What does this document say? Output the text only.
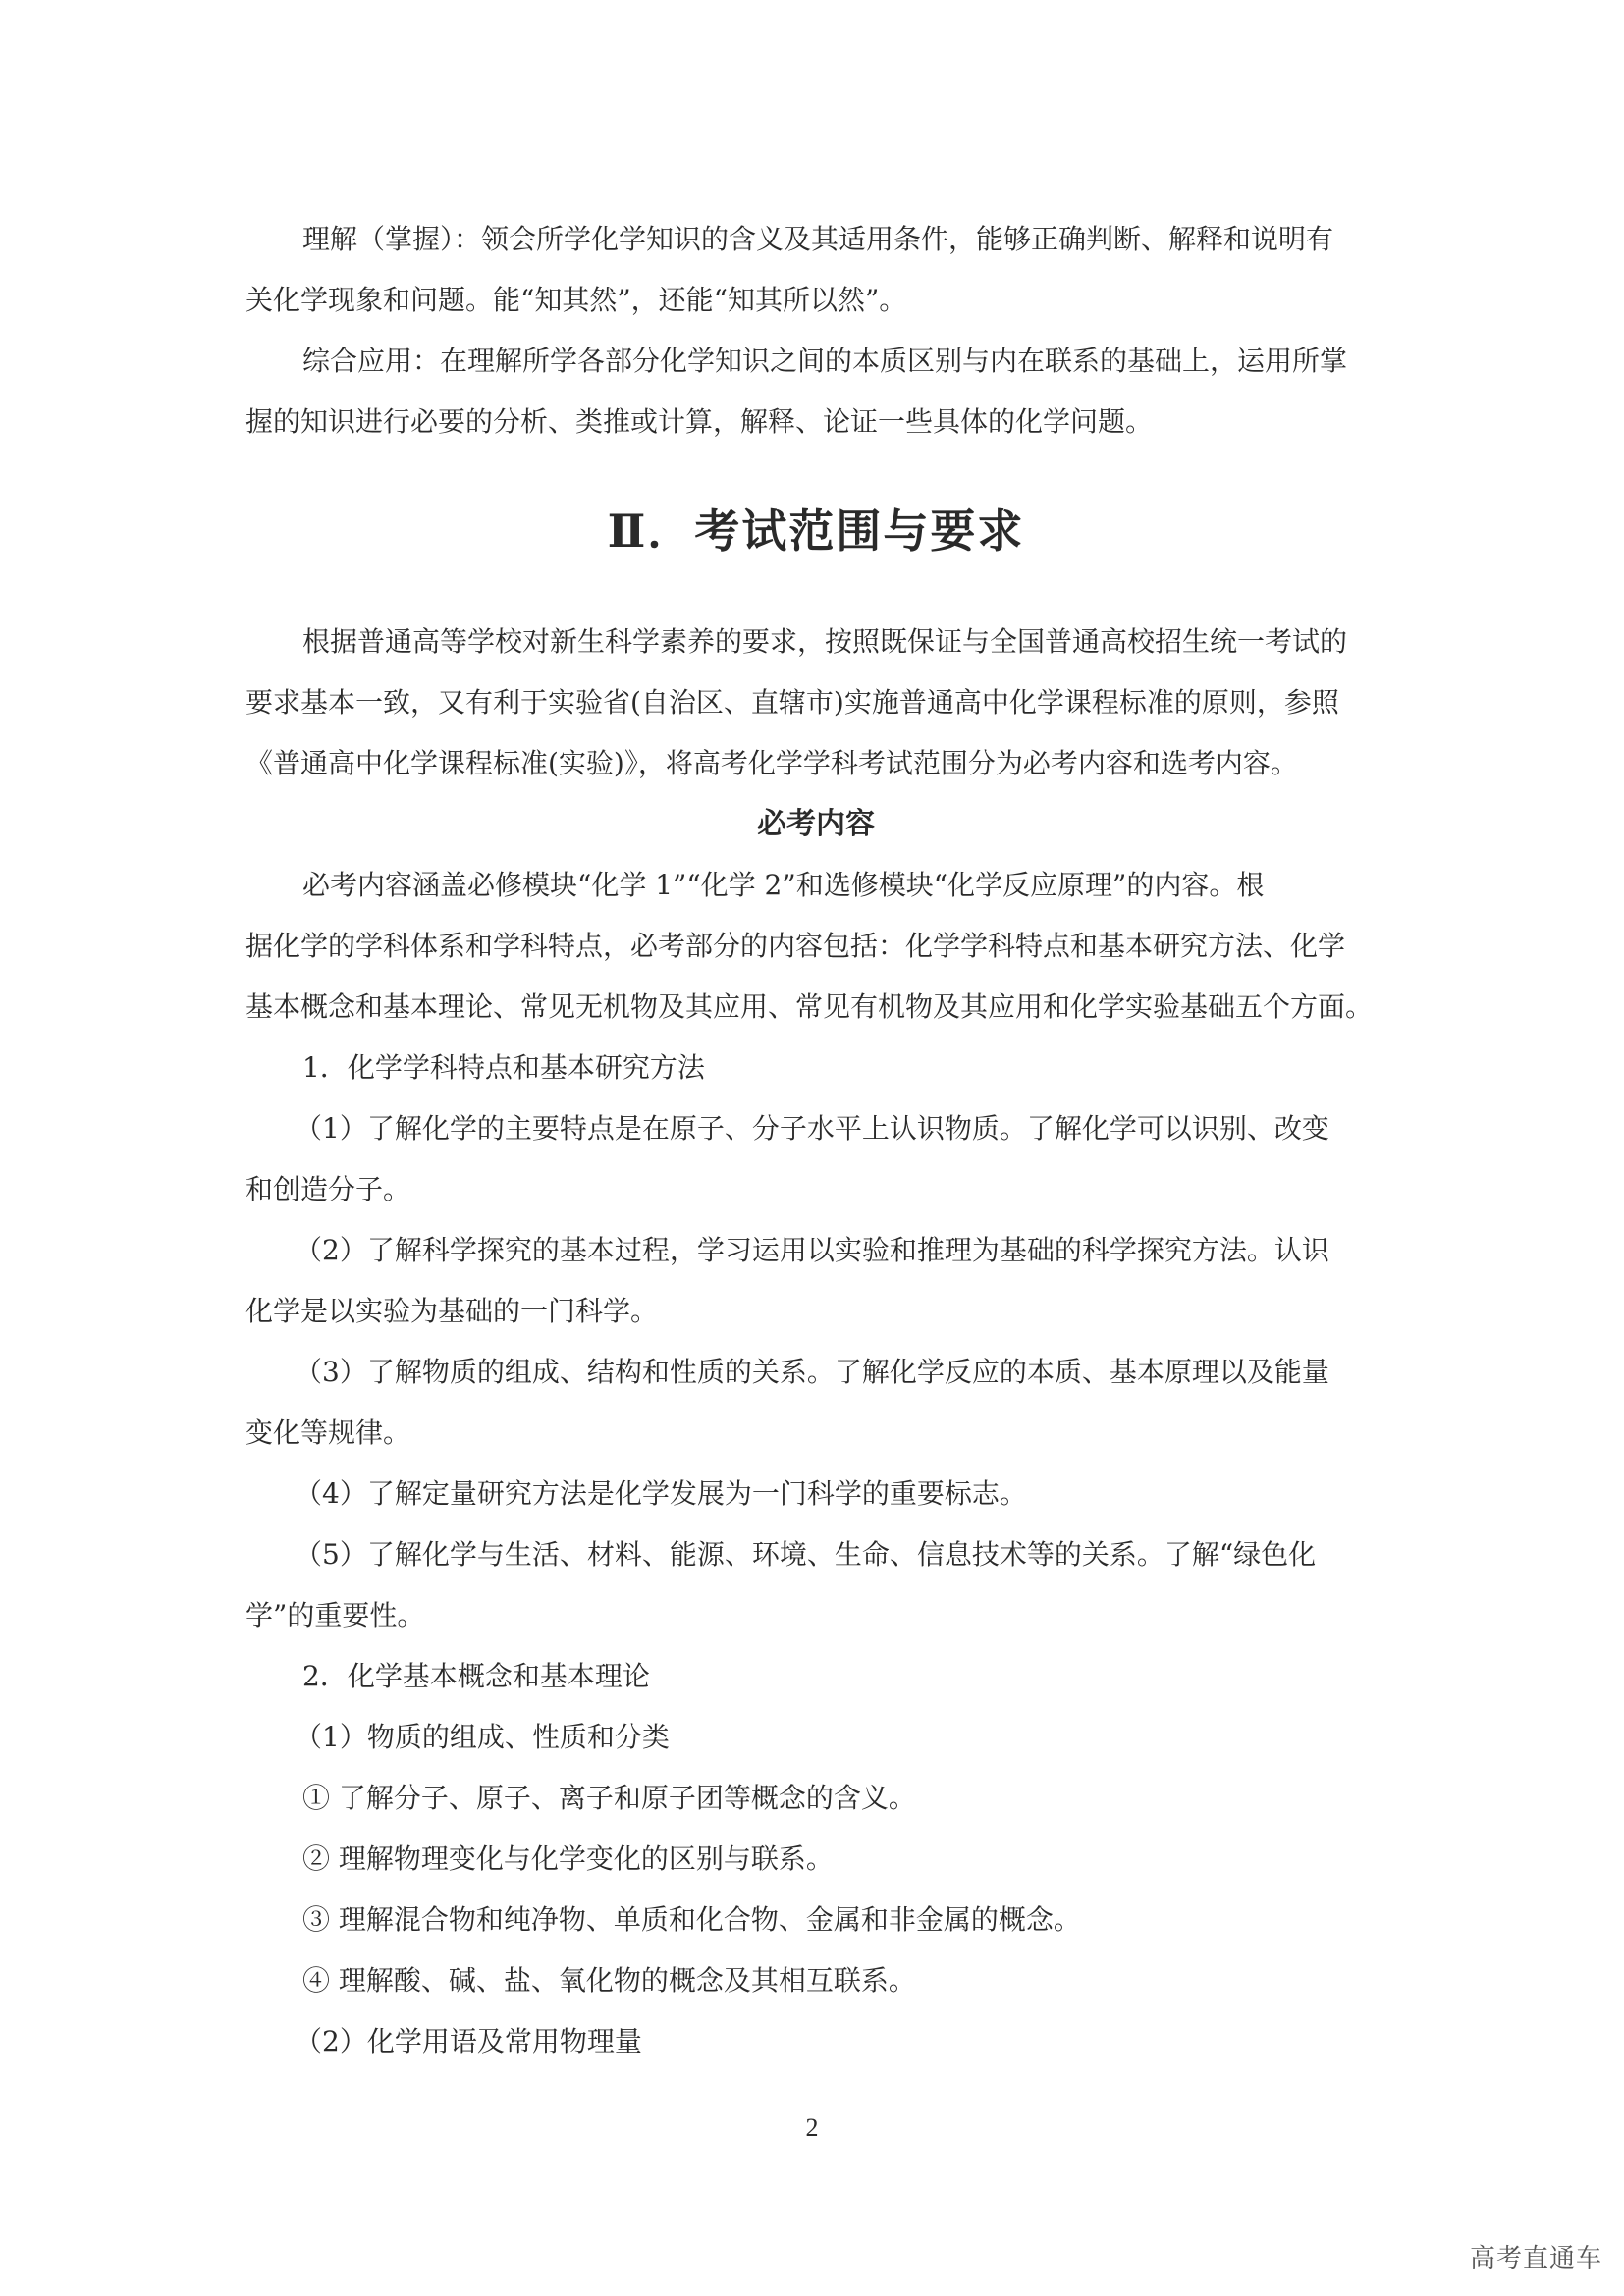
理解（掌握）：领会所学化学知识的含义及其适用条件，能够正确判断、解释和说明有
关化学现象和问题。能“知其然”，还能“知其所以然”。

综合应用：在理解所学各部分化学知识之间的本质区别与内在联系的基础上，运用所掌
握的知识进行必要的分析、类推或计算，解释、论证一些具体的化学问题。

Ⅱ．考试范围与要求

根据普通高等学校对新生科学素养的要求，按照既保证与全国普通高校招生统一考试的
要求基本一致，又有利于实验省(自治区、直辖市)实施普通高中化学课程标准的原则，参照
《普通高中化学课程标准(实验)》，将高考化学学科考试范围分为必考内容和选考内容。

必考内容

必考内容涵盖必修模块“化学 1”“化学 2”和选修模块“化学反应原理”的内容。根
据化学的学科体系和学科特点，必考部分的内容包括：化学学科特点和基本研究方法、化学
基本概念和基本理论、常见无机物及其应用、常见有机物及其应用和化学实验基础五个方面。

1．化学学科特点和基本研究方法

（1）了解化学的主要特点是在原子、分子水平上认识物质。了解化学可以识别、改变
和创造分子。

（2）了解科学探究的基本过程，学习运用以实验和推理为基础的科学探究方法。认识
化学是以实验为基础的一门科学。

（3）了解物质的组成、结构和性质的关系。了解化学反应的本质、基本原理以及能量
变化等规律。

（4）了解定量研究方法是化学发展为一门科学的重要标志。

（5）了解化学与生活、材料、能源、环境、生命、信息技术等的关系。了解“绿色化
学”的重要性。

2．化学基本概念和基本理论

（1）物质的组成、性质和分类

① 了解分子、原子、离子和原子团等概念的含义。

② 理解物理变化与化学变化的区别与联系。

③ 理解混合物和纯净物、单质和化合物、金属和非金属的概念。

④ 理解酸、碱、盐、氧化物的概念及其相互联系。

（2）化学用语及常用物理量

2
高考直通车
